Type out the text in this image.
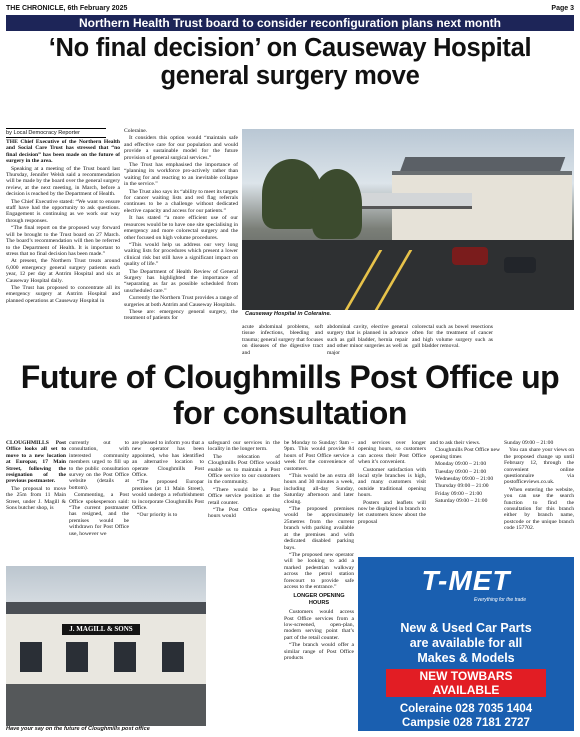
THE CHRONICLE, 6th February 2025	Page 3
Northern Health Trust board to consider reconfiguration plans next month
‘No final decision’ on Causeway Hospital general surgery move
by Local Democracy Reporter

THE Chief Executive of the Northern Health and Social Care Trust has stressed that “no final decision” has been made on the future of surgery in the area.

Speaking at a meeting of the Trust board last Thursday, Jennifer Welsh said a recommendation will be made by the board over the general surgery review, at the next meeting, in March, before a decision is reached by the Department of Health.

The Chief Executive stated: “We want to ensure staff have had the opportunity to ask questions. Engagement is continuing as we work our way through responses.

“The final report on the proposed way forward will be brought to the Trust board on 27 March. The board’s recommendation will then be referred to the Department of Health. It is important to stress that no final decision has been made.”

At present, the Northern Trust treats around 6,000 emergency general surgery patients each year, 12 per day at Antrim Hospital and six at Causeway Hospital daily.

The Trust has proposed to concentrate all its emergency surgery at Antrim Hospital and planned operations at Causeway Hospital in

Coleraine.

It considers this option would “maintain safe and effective care for our population and would provide a sustainable model for the future provision of general surgical services.”

The Trust has emphasised the importance of “planning its workforce pro-actively rather than waiting for and reacting to an inevitable collapse in the service.”

The Trust also says its “ability to meet its targets for cancer waiting lists and red flag referrals continues to be a challenge without dedicated elective capacity and access for our patients.”

It has stated “a more efficient use of our resources would be to have one site specialising in emergency and more colorectal surgery and the other focused on high volume procedures.

“This would help us address our very long waiting lists for procedures which present a lower clinical risk but still have a significant impact on quality of life.”

The Department of Health Review of General Surgery has highlighted the importance of “separating as far as possible scheduled from unscheduled care.”

Currently the Northern Trust provides a range of surgeries at both Antrim and Causeway Hospitals.

These are: emergency general surgery, the treatment of patients for

Causeway Hospital in Coleraine.

acute abdominal problems, soft tissue infections, bleeding and trauma; general surgery that focuses on diseases of the digestive tract and

abdominal cavity, elective general surgery that is planned in advance such as gall bladder, hernia repair and other minor surgeries as well as major

colorectal such as bowel resections often for the treatment of cancer and high volume surgery such as gall bladder removal.

Future of Cloughmills Post Office up for consultation

CLOUGHMILLS Post Office looks all set to move to a new location at Europar, 17 Main Street, following the resignation of the previous postmaster.

The proposal to move the 25m from 11 Main Street, under J. Magill & Sons butcher shop, is

currently out to consultation, with interested community members urged to fill up to the public consultation survey on the Post Office website (details at bottom).

Commenting, a Post Office spokesperson said: “The current postmaster has resigned, and the premises would be withdrawn for Post Office use, however we

are pleased to inform you that a new operator has been appointed, who has identified an alternative location to operate Cloughmills Post Office.

“The proposed Europar premises (at 11 Main Street), would undergo a refurbishment to incorporate Cloughmills Post Office.

“Our priority is to

safeguard our services in the locality in the longer term.

The relocation of Cloughmills Post Office would enable us to maintain a Post Office service to our customers in the community.

“There would be a Post Office service position at the retail counter.

“The Post Office opening hours would

be Monday to Sunday: 9am – 9pm. This would provide 84 hours of Post Office service a week for the convenience of customers.

“This would be an extra 48 hours and 30 minutes a week, including all-day Sunday, Saturday afternoon and later closing.

“The proposed premises would be approximately 25metres from the current branch with parking available at the premises and with dedicated disabled parking bays.

“The proposed new operator will be looking to add a marked pedestrian walkway across the petrol station forecourt to provide safe access to the entrance.”

LONGER OPENING HOURS

Customers would access Post Office services from a low-screened, open-plan, modern serving point that’s part of the retail counter.

“The branch would offer a similar range of Post Office products

and services over longer opening hours, so customers can access their Post Office when it’s convenient.

Customer satisfaction with local style branches is high, and many customers visit outside traditional opening hours.

Posters and leaflets will now be displayed in branch to let customers know about the proposal

and to ask their views.

Cloughmills Post Office new opening times

Monday 09:00 – 21:00

Tuesday 09:00 – 21:00

Wednesday 09:00 – 21:00

Thursday 09:00 – 21:00

Friday 09:00 – 21:00

Saturday 09:00 – 21:00

Sunday 09:00 – 21:00

You can share your views on the proposed change up until February 12, through the convenient online questionnaire via postofficeviews.co.uk.

When entering the website, you can use the search function to find the consultation for this branch either by branch name, postcode or the unique branch code 157702.

J. MAGILL & SONS
Have your say on the future of Cloughmills post office
T-MET
Everything for the trade
New & Used Car Parts
are available for all
Makes & Models
NEW TOWBARS
AVAILABLE
Coleraine 028 7035 1404
Campsie 028 7181 2727
